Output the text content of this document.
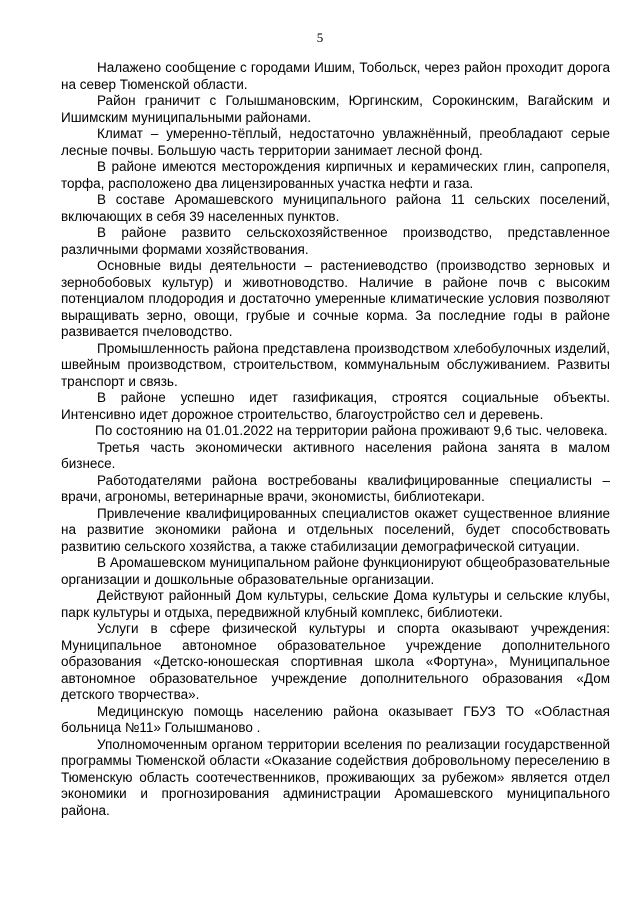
5

Налажено сообщение с городами Ишим, Тобольск, через район проходит дорога на север Тюменской области.

Район граничит с Голышмановским, Юргинским, Сорокинским, Вагайским и Ишимским муниципальными районами.

Климат – умеренно-тёплый, недостаточно увлажнённый, преобладают серые лесные почвы. Большую часть территории занимает лесной фонд.

В районе имеются месторождения кирпичных и керамических глин, сапропеля, торфа, расположено два лицензированных участка нефти и газа.

В составе Аромашевского муниципального района 11 сельских поселений, включающих в себя 39 населенных пунктов.

В районе развито сельскохозяйственное производство, представленное различными формами хозяйствования.

Основные виды деятельности – растениеводство (производство зерновых и зернобобовых культур) и животноводство. Наличие в районе почв с высоким потенциалом плодородия и достаточно умеренные климатические условия позволяют выращивать зерно, овощи, грубые и сочные корма. За последние годы в районе развивается пчеловодство.

Промышленность района представлена производством хлебобулочных изделий, швейным производством, строительством, коммунальным обслуживанием. Развиты транспорт и связь.

В районе успешно идет газификация, строятся социальные объекты. Интенсивно идет дорожное строительство, благоустройство сел и деревень.

По состоянию на 01.01.2022 на территории района проживают 9,6 тыс. человека.

Третья часть экономически активного населения района занята в малом бизнесе.

Работодателями района востребованы квалифицированные специалисты – врачи, агрономы, ветеринарные врачи, экономисты, библиотекари.

Привлечение квалифицированных специалистов окажет существенное влияние на развитие экономики района и отдельных поселений, будет способствовать развитию сельского хозяйства, а также стабилизации демографической ситуации.

В Аромашевском муниципальном районе функционируют общеобразовательные организации и дошкольные образовательные организации.

Действуют районный Дом культуры, сельские Дома культуры и сельские клубы, парк культуры и отдыха, передвижной клубный комплекс, библиотеки.

Услуги в сфере физической культуры и спорта оказывают учреждения: Муниципальное автономное образовательное учреждение дополнительного образования «Детско-юношеская спортивная школа «Фортуна», Муниципальное автономное образовательное учреждение дополнительного образования «Дом детского творчества».

Медицинскую помощь населению района оказывает ГБУЗ ТО «Областная больница №11» Голышманово .

Уполномоченным органом территории вселения по реализации государственной программы Тюменской области «Оказание содействия добровольному переселению в Тюменскую область соотечественников, проживающих за рубежом» является отдел экономики и прогнозирования администрации Аромашевского муниципального района.
